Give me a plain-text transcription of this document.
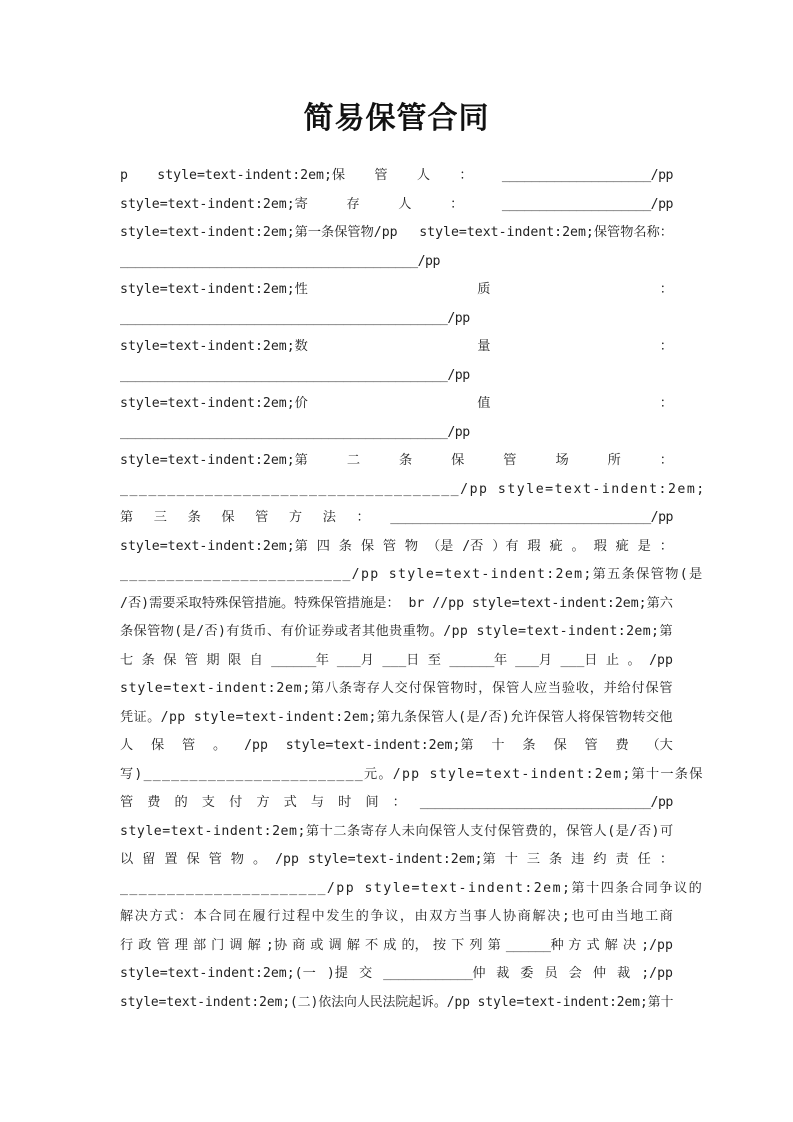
简易保管合同
p style=text-indent:2em;保 管 人 ： ____________________/pp
style=text-indent:2em;寄	存	人	：	____________________/pp
style=text-indent:2em;第一条保管物/pp style=text-indent:2em;保管物名称：
________________________________________/pp
style=text-indent:2em;性	质	：
____________________________________________/pp
style=text-indent:2em;数	量	：
____________________________________________/pp
style=text-indent:2em;价	值	：
____________________________________________/pp
style=text-indent:2em;第	二	条	保	管	场	所	：
____________________________________/pp style=text-indent:2em;
第 三 条 保 管 方 法 ： ___________________________________/pp
style=text-indent:2em;第 四 条 保 管 物 （是 /否 ）有 瑕 疵 。 瑕 疵 是 ：
_________________________/pp style=text-indent:2em;第五条保管物(是
/否)需要采取特殊保管措施。特殊保管措施是： br //pp style=text-indent:2em;第六
条保管物(是/否)有货币、有价证券或者其他贵重物。/pp style=text-indent:2em;第
七 条 保 管 期 限 自 ______年 ___月 ___日 至 ______年 ___月 ___日 止 。 /pp
style=text-indent:2em;第八条寄存人交付保管物时，保管人应当验收，并给付保管
凭证。/pp style=text-indent:2em;第九条保管人(是/否)允许保管人将保管物转交他
人 保 管 。 /pp style=text-indent:2em;第 十 条 保 管 费 （大
写)________________________元。/pp style=text-indent:2em;第十一条保
管 费 的 支 付 方 式 与 时 间 ： _______________________________/pp
style=text-indent:2em;第十二条寄存人未向保管人支付保管费的，保管人(是/否)可
以 留 置 保 管 物 。 /pp style=text-indent:2em;第 十 三 条 违 约 责 任 ：
______________________/pp style=text-indent:2em;第十四条合同争议的
解决方式：本合同在履行过程中发生的争议，由双方当事人协商解决;也可由当地工商
行 政 管 理 部 门 调 解 ;协 商 或 调 解 不 成 的， 按 下 列 第 ______种 方 式 解 决 ;/pp
style=text-indent:2em;(一 )提 交 ____________仲 裁 委 员 会 仲 裁 ;/pp
style=text-indent:2em;(二)依法向人民法院起诉。/pp style=text-indent:2em;第十
